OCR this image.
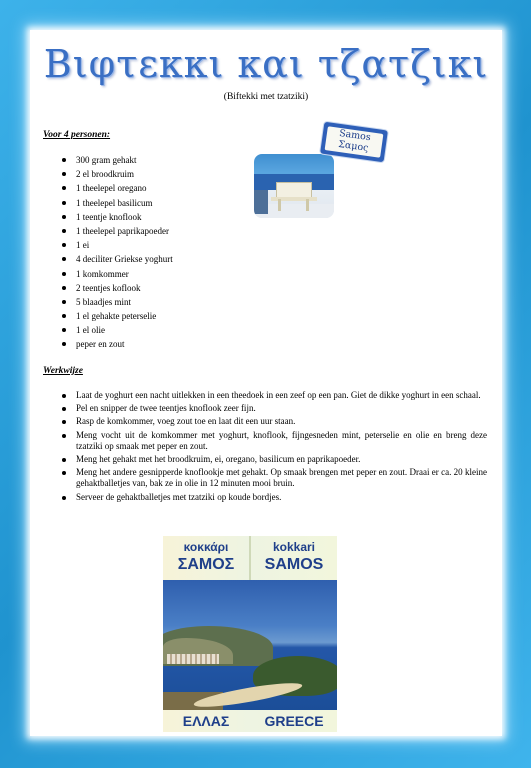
Βιφτεκκι και τζατζικι
(Biftekki met tzatziki)
Voor 4 personen:
300 gram gehakt
2 el broodkruim
1 theelepel oregano
1 theelepel basilicum
1 teentje knoflook
1 theelepel paprikapoeder
1 ei
4 deciliter Griekse yoghurt
1 komkommer
2 teentjes koflook
5 blaadjes mint
1 el gehakte peterselie
1 el olie
peper en zout
Samos
Σαμος
Werkwijze
Laat de yoghurt een nacht uitlekken in een theedoek in een zeef op een pan. Giet de dikke yoghurt in een schaal.
Pel en snipper de twee teentjes knoflook zeer fijn.
Rasp de komkommer, voeg zout toe en laat dit een uur staan.
Meng vocht uit de komkommer met yoghurt, knoflook, fijngesneden mint, peterselie en olie en breng deze tzatziki op smaak met peper en zout.
Meng het gehakt met het broodkruim, ei, oregano, basilicum en paprikapoeder.
Meng het andere gesnipperde knoflookje met gehakt. Op smaak brengen met peper en zout. Draai er ca. 20 kleine gehaktballetjes van, bak ze in olie in 12 minuten mooi bruin.
Serveer de gehaktballetjes met tzatziki op koude bordjes.
κοκκάρι
ΣΑΜΟΣ
kokkari
SAMOS
ΕΛΛΑΣ	GREECE
